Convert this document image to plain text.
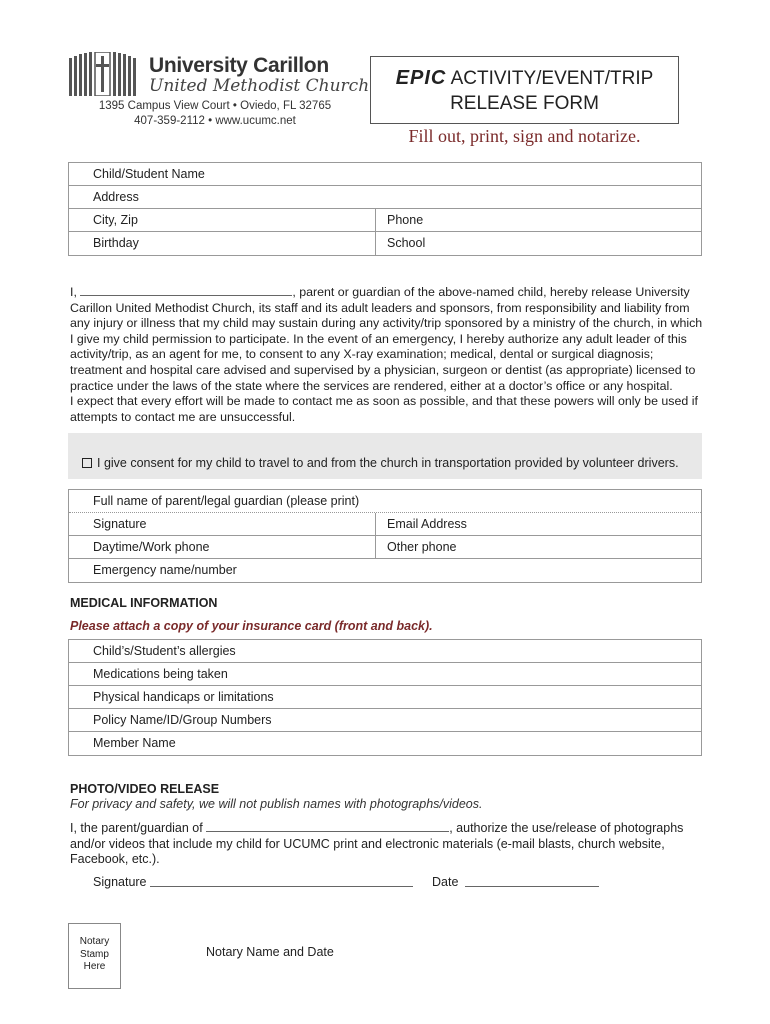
University Carillon
United Methodist Church
1395 Campus View Court • Oviedo, FL 32765
407-359-2112 • www.ucumc.net
EPIC ACTIVITY/EVENT/TRIP
RELEASE FORM
Fill out, print, sign and notarize.
Child/Student Name
Address
City, Zip	Phone
Birthday	School
I,	, parent or guardian of the above-named child, hereby release University Carillon United Methodist Church, its staff and its adult leaders and sponsors, from responsibility and liability from any injury or illness that my child may sustain during any activity/trip sponsored by a ministry of the church, in which I give my child permission to participate. In the event of an emergency, I hereby authorize any adult leader of this activity/trip, as an agent for me, to consent to any X-ray examination; medical, dental or surgical diagnosis; treatment and hospital care advised and supervised by a physician, surgeon or dentist (as appropriate) licensed to practice under the laws of the state where the services are rendered, either at a doctor’s office or any hospital.
I expect that every effort will be made to contact me as soon as possible, and that these powers will only be used if attempts to contact me are unsuccessful.
I give consent for my child to travel to and from the church in transportation provided by volunteer drivers.
Full name of parent/legal guardian (please print)
Signature	Email Address
Daytime/Work phone	Other phone
Emergency name/number
MEDICAL INFORMATION
Please attach a copy of your insurance card (front and back).
Child’s/Student’s allergies
Medications being taken
Physical handicaps or limitations
Policy Name/ID/Group Numbers
Member Name
PHOTO/VIDEO RELEASE
For privacy and safety, we will not publish names with photographs/videos.
I, the parent/guardian of	, authorize the use/release of photographs and/or videos that include my child for UCUMC print and electronic materials (e-mail blasts, church website, Facebook, etc.).
Signature	Date
Notary
Stamp
Here
Notary Name and Date
